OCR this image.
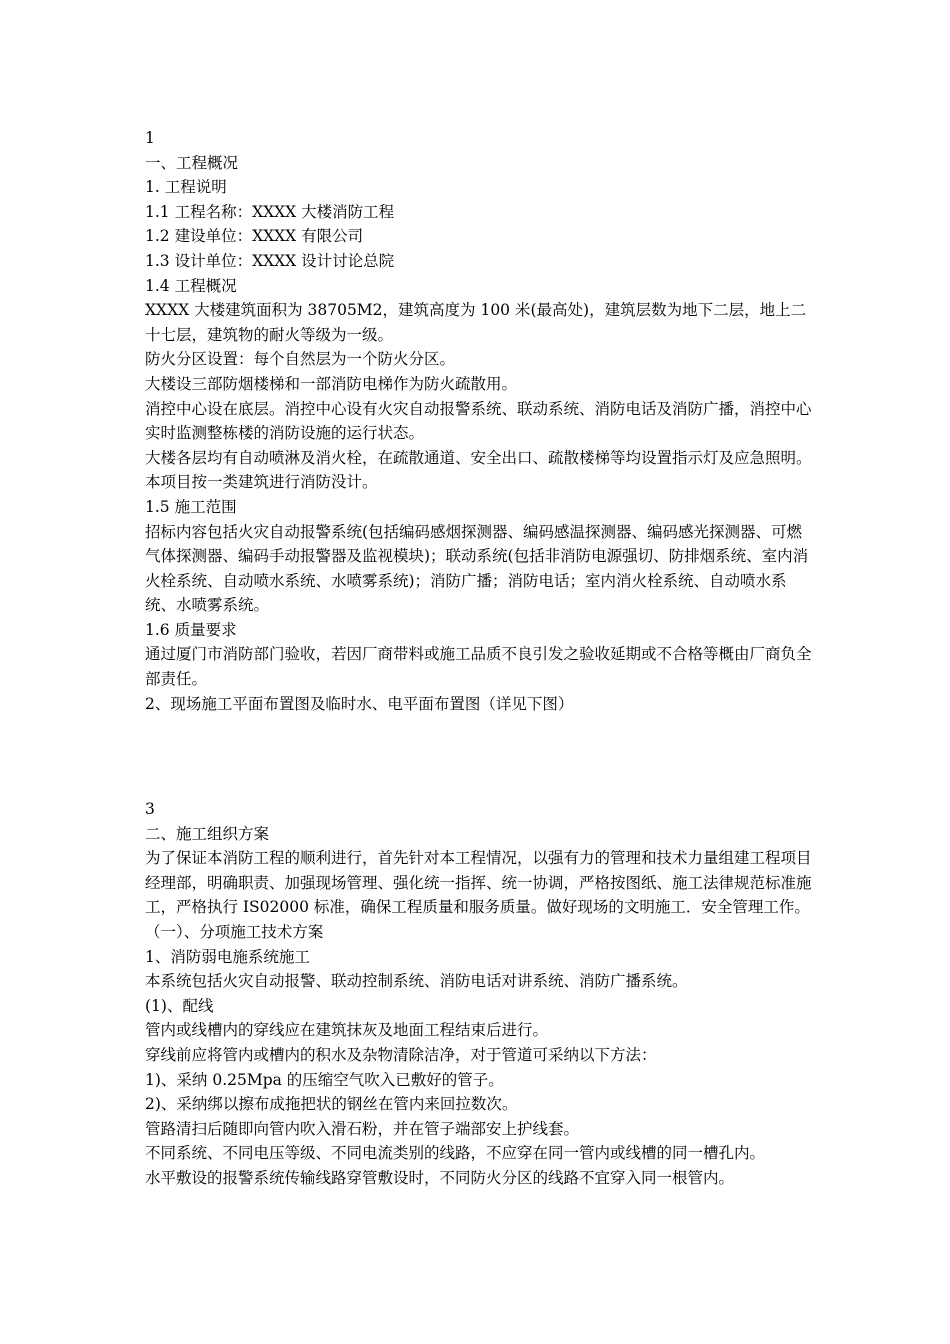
1

一、工程概况

1. 工程说明

1.1 工程名称：XXXX 大楼消防工程

1.2 建设单位：XXXX 有限公司

1.3 设计单位：XXXX 设计讨论总院

1.4 工程概况

XXXX 大楼建筑面积为 38705M2，建筑高度为 100 米(最高处)，建筑层数为地下二层，地上二十七层，建筑物的耐火等级为一级。

防火分区设置：每个自然层为一个防火分区。

大楼设三部防烟楼梯和一部消防电梯作为防火疏散用。

消控中心设在底层。消控中心设有火灾自动报警系统、联动系统、消防电话及消防广播，消控中心实时监测整栋楼的消防设施的运行状态。

大楼各层均有自动喷淋及消火栓，在疏散通道、安全出口、疏散楼梯等均设置指示灯及应急照明。

本项目按一类建筑进行消防没计。

1.5 施工范围

招标内容包括火灾自动报警系统(包括编码感烟探测器、编码感温探测器、编码感光探测器、可燃气体探测器、编码手动报警器及监视模块)；联动系统(包括非消防电源强切、防排烟系统、室内消火栓系统、自动喷水系统、水喷雾系统)；消防广播；消防电话；室内消火栓系统、自动喷水系统、水喷雾系统。

1.6 质量要求

通过厦门市消防部门验收，若因厂商带料或施工品质不良引发之验收延期或不合格等概由厂商负全部责任。

2、现场施工平面布置图及临时水、电平面布置图（详见下图）

3

二、施工组织方案

为了保证本消防工程的顺利进行，首先针对本工程情况，以强有力的管理和技术力量组建工程项目经理部，明确职责、加强现场管理、强化统一指挥、统一协调，严格按图纸、施工法律规范标准施工，严格执行 IS02000 标准，确保工程质量和服务质量。做好现场的文明施工．安全管理工作。

（一）、分项施工技术方案

1、消防弱电施系统施工

本系统包括火灾自动报警、联动控制系统、消防电话对讲系统、消防广播系统。

(1)、配线

管内或线槽内的穿线应在建筑抹灰及地面工程结束后进行。

穿线前应将管内或槽内的积水及杂物清除洁净，对于管道可采纳以下方法：

1)、采纳 0.25Mpa 的压缩空气吹入已敷好的管子。

2)、采纳绑以擦布成拖把状的钢丝在管内来回拉数次。

管路清扫后随即向管内吹入滑石粉，并在管子端部安上护线套。

不同系统、不同电压等级、不同电流类别的线路，不应穿在同一管内或线槽的同一槽孔内。

水平敷设的报警系统传输线路穿管敷设时，不同防火分区的线路不宜穿入同一根管内。
